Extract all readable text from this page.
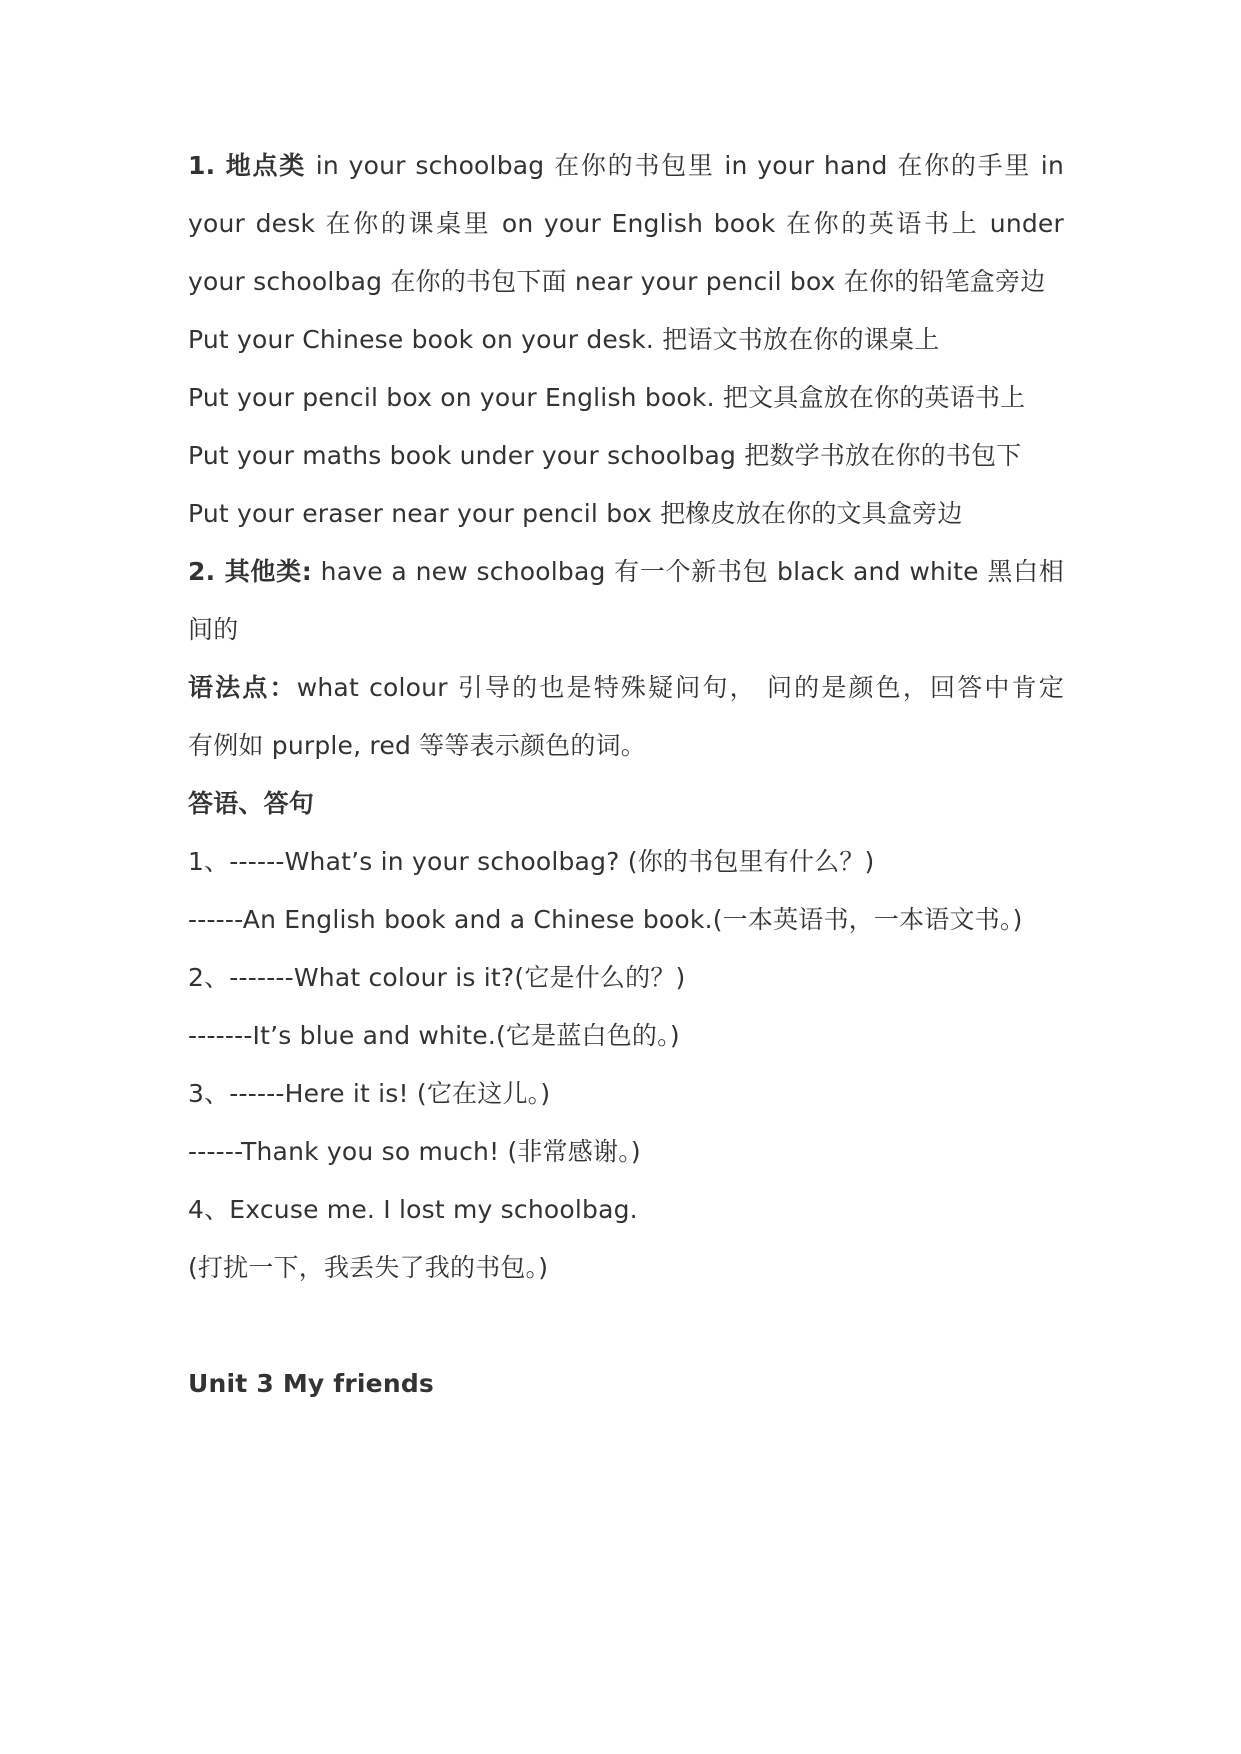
1. 地点类 in your schoolbag 在你的书包里 in your hand 在你的手里 in
your desk 在你的课桌里 on your English book 在你的英语书上 under
your schoolbag 在你的书包下面 near your pencil box 在你的铅笔盒旁边
Put your Chinese book on your desk. 把语文书放在你的课桌上
Put your pencil box on your English book. 把文具盒放在你的英语书上
Put your maths book under your schoolbag 把数学书放在你的书包下
Put your eraser near your pencil box 把橡皮放在你的文具盒旁边
2. 其他类: have a new schoolbag 有一个新书包 black and white 黑白相
间的
语法点：what colour 引导的也是特殊疑问句， 问的是颜色，回答中肯定
有例如 purple, red 等等表示颜色的词。
答语、答句
1、------What’s in your schoolbag? (你的书包里有什么？)
------An English book and a Chinese book.(一本英语书，一本语文书。)
2、-------What colour is it?(它是什么的？)
-------It’s blue and white.(它是蓝白色的。)
3、------Here it is! (它在这儿。)
------Thank you so much! (非常感谢。)
4、Excuse me. I lost my schoolbag.
(打扰一下，我丢失了我的书包。)
Unit 3 My friends
